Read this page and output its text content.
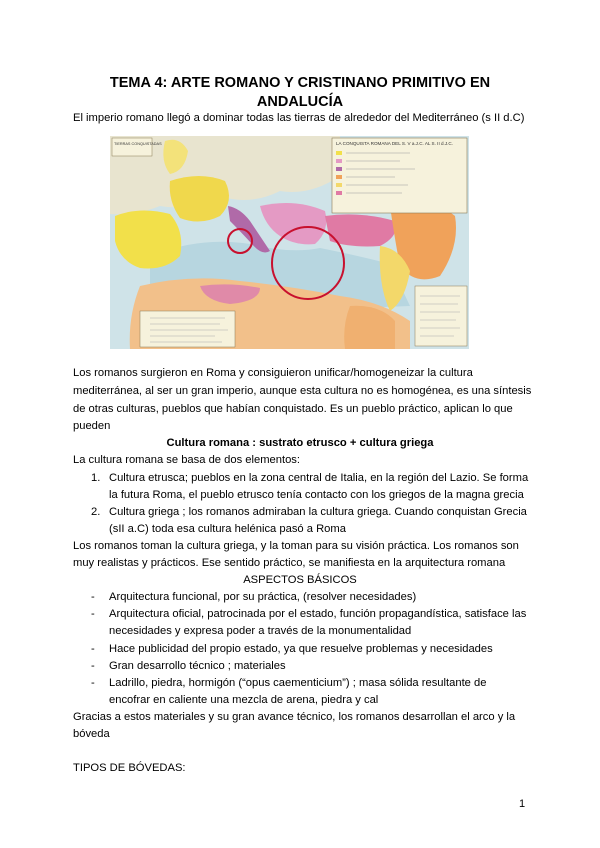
TEMA 4: ARTE ROMANO Y CRISTINANO PRIMITIVO EN ANDALUCÍA
El imperio romano llegó a dominar todas las tierras de alrededor del Mediterráneo (s II d.C)
LA CONQUISTA ROMANA DEL S. V a.J.C. AL S. II d.J.C.
TIERRAS CONQUISTADAS
Los romanos surgieron en Roma y consiguieron unificar/homogeneizar la cultura
mediterránea, al ser un gran imperio, aunque esta cultura no es homogénea, es una síntesis
de otras culturas, pueblos que habían conquistado. Es un pueblo práctico, aplican lo que
pueden
Cultura romana : sustrato etrusco + cultura griega
La cultura romana se basa de dos elementos:
1. Cultura etrusca; pueblos en la zona central de Italia, en la región del Lazio. Se forma
la futura Roma, el pueblo etrusco tenía contacto con los griegos de la magna grecia
2. Cultura griega ; los romanos admiraban la cultura griega. Cuando conquistan Grecia
(sII a.C) toda esa cultura helénica pasó a Roma
Los romanos toman la cultura griega, y la toman para su visión práctica. Los romanos son
muy realistas y prácticos. Ese sentido práctico, se manifiesta en la arquitectura romana
ASPECTOS BÁSICOS
- Arquitectura funcional, por su práctica, (resolver necesidades)
- Arquitectura oficial, patrocinada por el estado, función propagandística, satisface las
necesidades y expresa poder a través de la monumentalidad
- Hace publicidad del propio estado, ya que resuelve problemas y necesidades
- Gran desarrollo técnico ; materiales
- Ladrillo, piedra, hormigón (“opus caementicium”) ; masa sólida resultante de
encofrar en caliente una mezcla de arena, piedra y cal
Gracias a estos materiales y su gran avance técnico, los romanos desarrollan el arco y la
bóveda
TIPOS DE BÓVEDAS:
1
